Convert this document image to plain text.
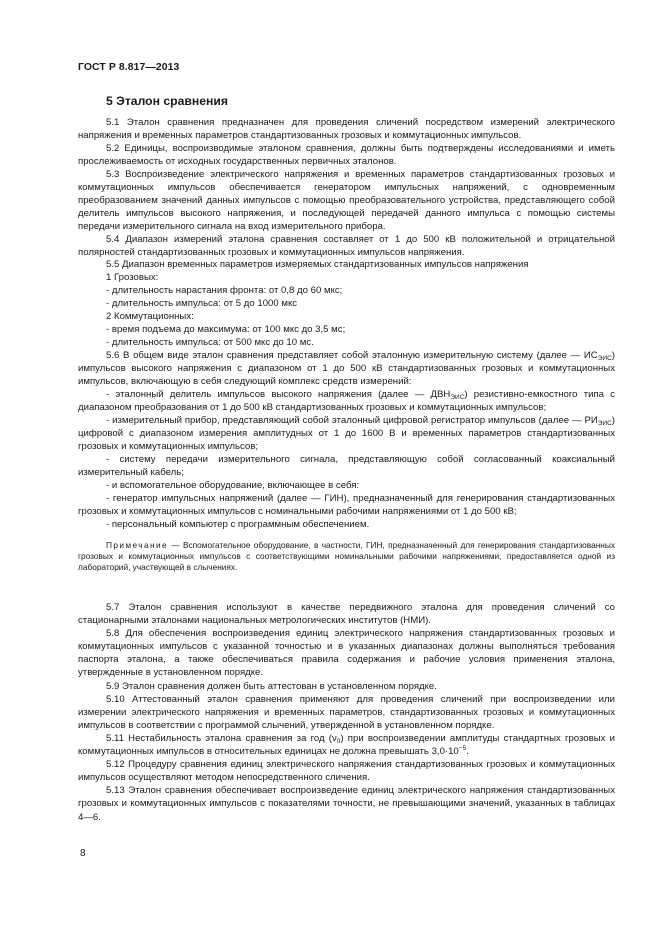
ГОСТ Р 8.817—2013
5 Эталон сравнения

5.1 Эталон сравнения предназначен для проведения сличений посредством измерений электрического напряжения и временных параметров стандартизованных грозовых и коммутационных импульсов.

5.2 Единицы, воспроизводимые эталоном сравнения, должны быть подтверждены исследованиями и иметь прослеживаемость от исходных государственных первичных эталонов.

5.3 Воспроизведение электрического напряжения и временных параметров стандартизованных грозовых и коммутационных импульсов обеспечивается генератором импульсных напряжений, с одновременным преобразованием значений данных импульсов с помощью преобразовательного устройства, представляющего собой делитель импульсов высокого напряжения, и последующей передачей данного импульса с помощью системы передачи измерительного сигнала на вход измерительного прибора.

5.4 Диапазон измерений эталона сравнения составляет от 1 до 500 кВ положительной и отрицательной полярностей стандартизованных грозовых и коммутационных импульсов напряжения.

5.5 Диапазон временных параметров измеряемых стандартизованных импульсов напряжения

1 Грозовых:

- длительность нарастания фронта: от 0,8 до 60 мкс;

- длительность импульса: от 5 до 1000 мкс

2 Коммутационных:

- время подъема до максимума: от 100 мкс до 3,5 мс;

- длительность импульса: от 500 мкс до 10 мс.

5.6 В общем виде эталон сравнения представляет собой эталонную измерительную систему (далее — $ИС_{ЭИС}$) импульсов высокого напряжения с диапазоном от 1 до 500 кВ стандартизованных грозовых и коммутационных импульсов, включающую в себя следующий комплекс средств измерений:

- эталонный делитель импульсов высокого напряжения (далее — $ДВН_{ЭИС}$) резистивно-емкостного типа с диапазоном преобразования от 1 до 500 кВ стандартизованных грозовых и коммутационных импульсов;

- измерительный прибор, представляющий собой эталонный цифровой регистратор импульсов (далее — $РИ_{ЭИС}$) цифровой с диапазоном измерения амплитудных от 1 до 1600 В и временных параметров стандартизованных грозовых и коммутационных импульсов;

- систему передачи измерительного сигнала, представляющую собой согласованный коаксиальный измерительный кабель;

- и вспомогательное оборудование, включающее в себя:

- генератор импульсных напряжений (далее — ГИН), предназначенный для генерирования стандартизованных грозовых и коммутационных импульсов с номинальными рабочими напряжениями от 1 до 500 кВ;

- персональный компьютер с программным обеспечением.

Примечание — Вспомогательное оборудование, в частности, ГИН, предназначенный для генерирования стандартизованных грозовых и коммутационных импульсов с соответствующими номинальными рабочими напряжениями, предоставляется одной из лабораторий, участвующей в слычениях.

5.7 Эталон сравнения используют в качестве передвижного эталона для проведения сличений со стационарными эталонами национальных метрологических институтов (НМИ).

5.8 Для обеспечения воспроизведения единиц электрического напряжения стандартизованных грозовых и коммутационных импульсов с указанной точностью и в указанных диапазонах должны выполняться требования паспорта эталона, а также обеспечиваться правила содержания и рабочие условия применения эталона, утвержденные в установленном порядке.

5.9 Эталон сравнения должен быть аттестован в установленном порядке.

5.10 Аттестованный эталон сравнения применяют для проведения сличений при воспроизведении или измерении электрического напряжения и временных параметров, стандартизованных грозовых и коммутационных импульсов в соответствии с программой слычений, утвержденной в установленном порядке.

5.11 Нестабильность эталона сравнения за год $(\nu_0)$ при воспроизведении амплитуды стандартных грозовых и коммутационных импульсов в относительных единицах не должна превышать $3,0\cdot 10^{-5}$.

5.12 Процедуру сравнения единиц электрического напряжения стандартизованных грозовых и коммутационных импульсов осуществляют методом непосредственного сличения.

5.13 Эталон сравнения обеспечивает воспроизведение единиц электрического напряжения стандартизованных грозовых и коммутационных импульсов с показателями точности, не превышающими значений, указанных в таблицах 4—6.

8
